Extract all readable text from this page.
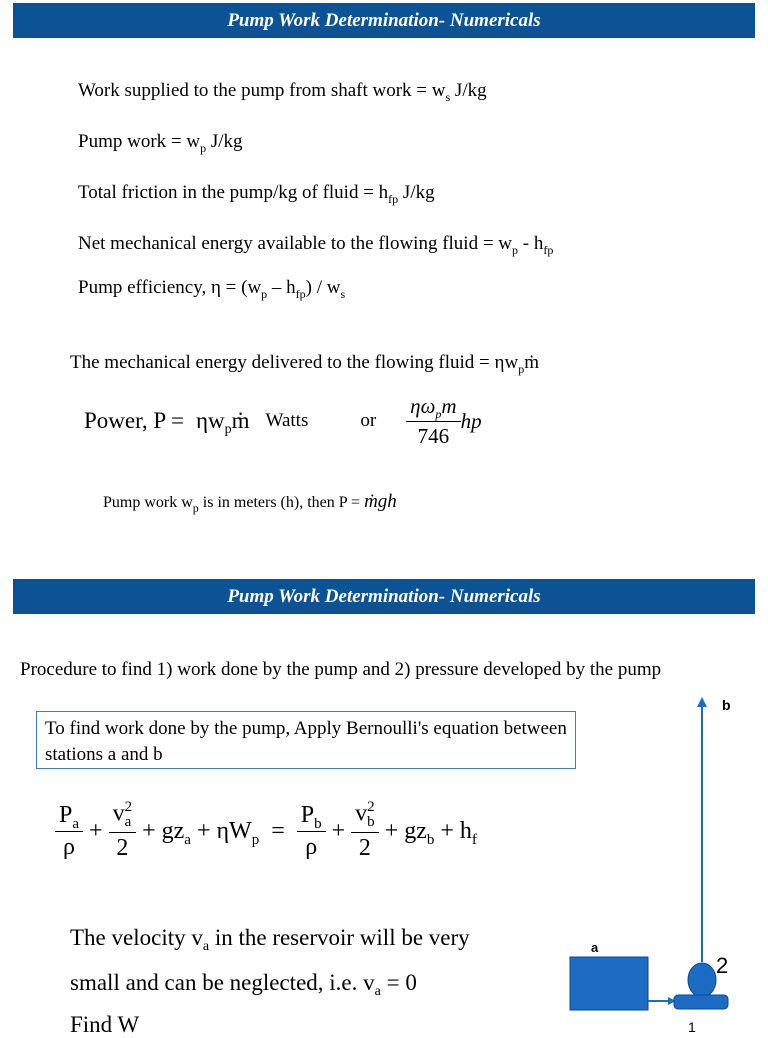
Pump Work Determination- Numericals
Work supplied to the pump from shaft work = $w_s$ J/kg
Pump work = $w_p$ J/kg
Total friction in the pump/kg of fluid = $h_{fp}$ J/kg
Net mechanical energy available to the flowing fluid = $w_p - h_{fp}$
Pump efficiency, $\eta = (w_p - h_{fp}) / w_s$
The mechanical energy delivered to the flowing fluid = $\eta w_pṁ$
Power, $P = \eta w_pṁ$ Watts	or $\frac{\eta\omega_pm}{746}$ hp
Pump work $w_p$ is in meters (h), then P = ṁgh
Pump Work Determination- Numericals
Procedure to find 1) work done by the pump and 2) pressure developed by the pump
To find work done by the pump, Apply Bernoulli's equation between stations a and b
$\frac{P_a}{\rho} + v$ 2
a
$2 + gz_a + \eta W_p = \frac{P_b}{\rho} + v$ 2
b
$2 + gz_b + h_f$
The velocity $v_a$ in the reservoir will be very
small and can be neglected, i.e. $v_a = 0$
Find W
b
a
2
1
